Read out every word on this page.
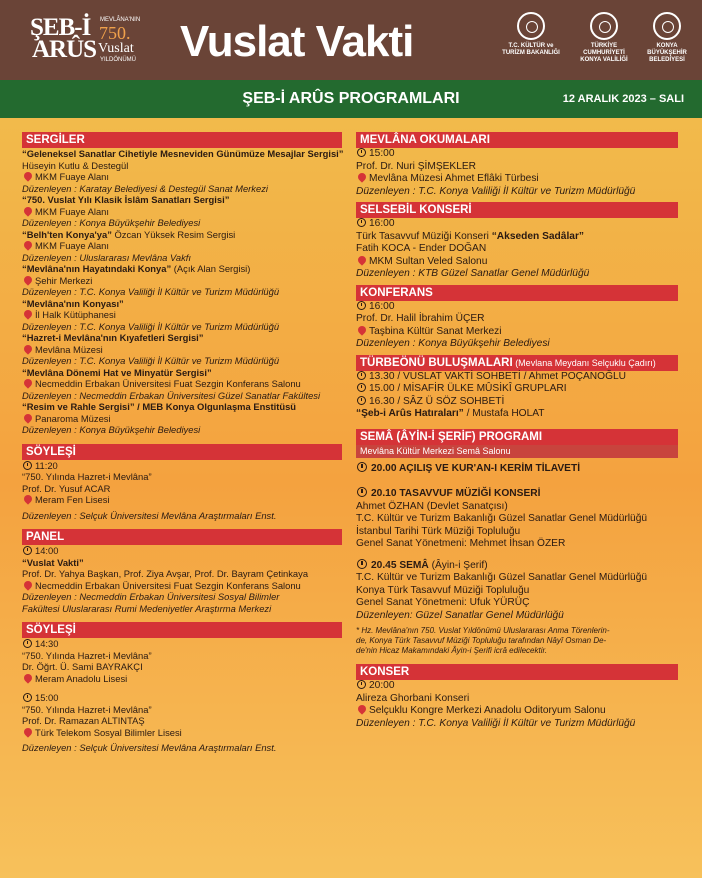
ŞEB-İ
ARÛS
MEVLÂNA'NIN
750.
Vuslat
YILDÖNÜMÜ Vuslat Vakti	T.C. KÜLTÜR ve TURİZM BAKANLIĞI
TÜRKİYE CUMHURİYETİ KONYA VALİLİĞİ
KONYA BÜYÜKŞEHİR BELEDİYESİ
ŞEB-İ ARÛS PROGRAMLARI	12 ARALIK 2023 – SALI
SERGİLER
“Geleneksel Sanatlar Cihetiyle Mesneviden Günümüze Mesajlar Sergisi”
Hüseyin Kutlu & Destegül
MKM Fuaye Alanı
Düzenleyen : Karatay Belediyesi & Destegül Sanat Merkezi
“750. Vuslat Yılı Klasik İslâm Sanatları Sergisi”
MKM Fuaye Alanı
Düzenleyen : Konya Büyükşehir Belediyesi
“Belh'ten Konya'ya” Özcan Yüksek Resim Sergisi
MKM Fuaye Alanı
Düzenleyen : Uluslararası Mevlâna Vakfı
“Mevlâna'nın Hayatındaki Konya” (Açık Alan Sergisi)
Şehir Merkezi
Düzenleyen : T.C. Konya Valiliği İl Kültür ve Turizm Müdürlüğü
“Mevlâna'nın Konyası”
İl Halk Kütüphanesi
Düzenleyen : T.C. Konya Valiliği İl Kültür ve Turizm Müdürlüğü
“Hazret-i Mevlâna'nın Kıyafetleri Sergisi”
Mevlâna Müzesi
Düzenleyen : T.C. Konya Valiliği İl Kültür ve Turizm Müdürlüğü
“Mevlâna Dönemi Hat ve Minyatür Sergisi”
Necmeddin Erbakan Üniversitesi Fuat Sezgin Konferans Salonu
Düzenleyen : Necmeddin Erbakan Üniversitesi Güzel Sanatlar Fakültesi
“Resim ve Rahle Sergisi” / MEB Konya Olgunlaşma Enstitüsü
Panaroma Müzesi
Düzenleyen : Konya Büyükşehir Belediyesi
SÖYLEŞİ
11:20
“750. Yılında Hazret-i Mevlâna”
Prof. Dr. Yusuf ACAR
Meram Fen Lisesi
Düzenleyen : Selçuk Üniversitesi Mevlâna Araştırmaları Enst.
PANEL
14:00
“Vuslat Vakti”
Prof. Dr. Yahya Başkan, Prof. Ziya Avşar, Prof. Dr. Bayram Çetinkaya
Necmeddin Erbakan Üniversitesi Fuat Sezgin Konferans Salonu
Düzenleyen : Necmeddin Erbakan Üniversitesi Sosyal Bilimler
Fakültesi Uluslararası Rumi Medeniyetler Araştırma Merkezi
SÖYLEŞİ
14:30
“750. Yılında Hazret-i Mevlâna”
Dr. Öğrt. Ü. Sami BAYRAKÇI
Meram Anadolu Lisesi
15:00
“750. Yılında Hazret-i Mevlâna”
Prof. Dr. Ramazan ALTINTAŞ
Türk Telekom Sosyal Bilimler Lisesi
Düzenleyen : Selçuk Üniversitesi Mevlâna Araştırmaları Enst.
MEVLÂNA OKUMALARI
15:00
Prof. Dr. Nuri ŞİMŞEKLER
Mevlâna Müzesi Ahmet Eflâki Türbesi
Düzenleyen : T.C. Konya Valiliği İl Kültür ve Turizm Müdürlüğü
SELSEBİL KONSERİ
16:00
Türk Tasavvuf Müziği Konseri “Akseden Sadâlar”
Fatih KOCA - Ender DOĞAN
MKM Sultan Veled Salonu
Düzenleyen : KTB Güzel Sanatlar Genel Müdürlüğü
KONFERANS
16:00
Prof. Dr. Halil İbrahim ÜÇER
Taşbina Kültür Sanat Merkezi
Düzenleyen : Konya Büyükşehir Belediyesi
TÜRBEÖNÜ BULUŞMALARI (Mevlana Meydanı Selçuklu Çadırı)
13.30 / VUSLAT VAKTİ SOHBETİ / Ahmet POÇANOĞLU
15.00 / MİSAFİR ÜLKE MÛSİKÎ GRUPLARI
16.30 / SÂZ Ü SÖZ SOHBETİ
“Şeb-i Arûs Hatıraları” / Mustafa HOLAT
SEMÂ (ÂYİN-İ ŞERİF) PROGRAMI
Mevlâna Kültür Merkezi Semâ Salonu
20.00 AÇILIŞ VE KUR'AN-I KERİM TİLAVETİ
20.10 TASAVVUF MÜZİĞİ KONSERİ
Ahmet ÖZHAN (Devlet Sanatçısı)
T.C. Kültür ve Turizm Bakanlığı Güzel Sanatlar Genel Müdürlüğü
İstanbul Tarihi Türk Müziği Topluluğu
Genel Sanat Yönetmeni: Mehmet İhsan ÖZER
20.45 SEMÂ (Âyin-i Şerif)
T.C. Kültür ve Turizm Bakanlığı Güzel Sanatlar Genel Müdürlüğü
Konya Türk Tasavvuf Müziği Topluluğu
Genel Sanat Yönetmeni: Ufuk YÜRÜÇ
Düzenleyen: Güzel Sanatlar Genel Müdürlüğü
* Hz. Mevlâna'nın 750. Vuslat Yıldönümü Uluslararası Anma Törenlerin-
de, Konya Türk Tasavvuf Müziği Topluluğu tarafından Nâyî Osman De-
de'nin Hicaz Makamındaki Âyin-i Şerifi icrâ edilecektir.
KONSER
20:00
Alireza Ghorbani Konseri
Selçuklu Kongre Merkezi Anadolu Oditoryum Salonu
Düzenleyen : T.C. Konya Valiliği İl Kültür ve Turizm Müdürlüğü
